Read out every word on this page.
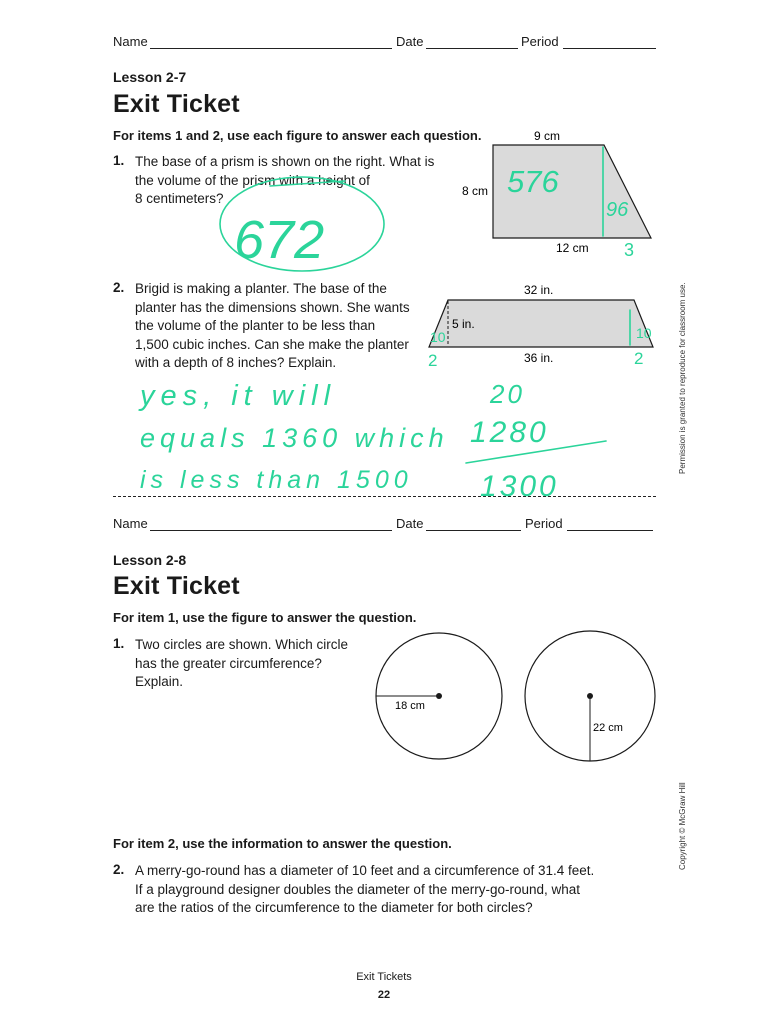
Name	Date	Period
Lesson 2-7
Exit Ticket
For items 1 and 2, use each figure to answer each question.
1. The base of a prism is shown on the right. What is
the volume of the prism with a height of
8 centimeters?
9 cm
8 cm
12 cm
576
96
3
672
2. Brigid is making a planter. The base of the
planter has the dimensions shown. She wants
the volume of the planter to be less than
1,500 cubic inches. Can she make the planter
with a depth of 8 inches? Explain.
32 in.
5 in.
36 in.
10
2
10
2
yes, it will
equals 1360 which
is less than 1500
20
1280
1300
Name	Date	Period
Lesson 2-8
Exit Ticket
For item 1, use the figure to answer the question.
1. Two circles are shown. Which circle
has the greater circumference?
Explain.
18 cm
22 cm
For item 2, use the information to answer the question.
2. A merry-go-round has a diameter of 10 feet and a circumference of 31.4 feet.
If a playground designer doubles the diameter of the merry-go-round, what
are the ratios of the circumference to the diameter for both circles?
Permission is granted to reproduce for classroom use.
Copyright © McGraw Hill
Exit Tickets
22
